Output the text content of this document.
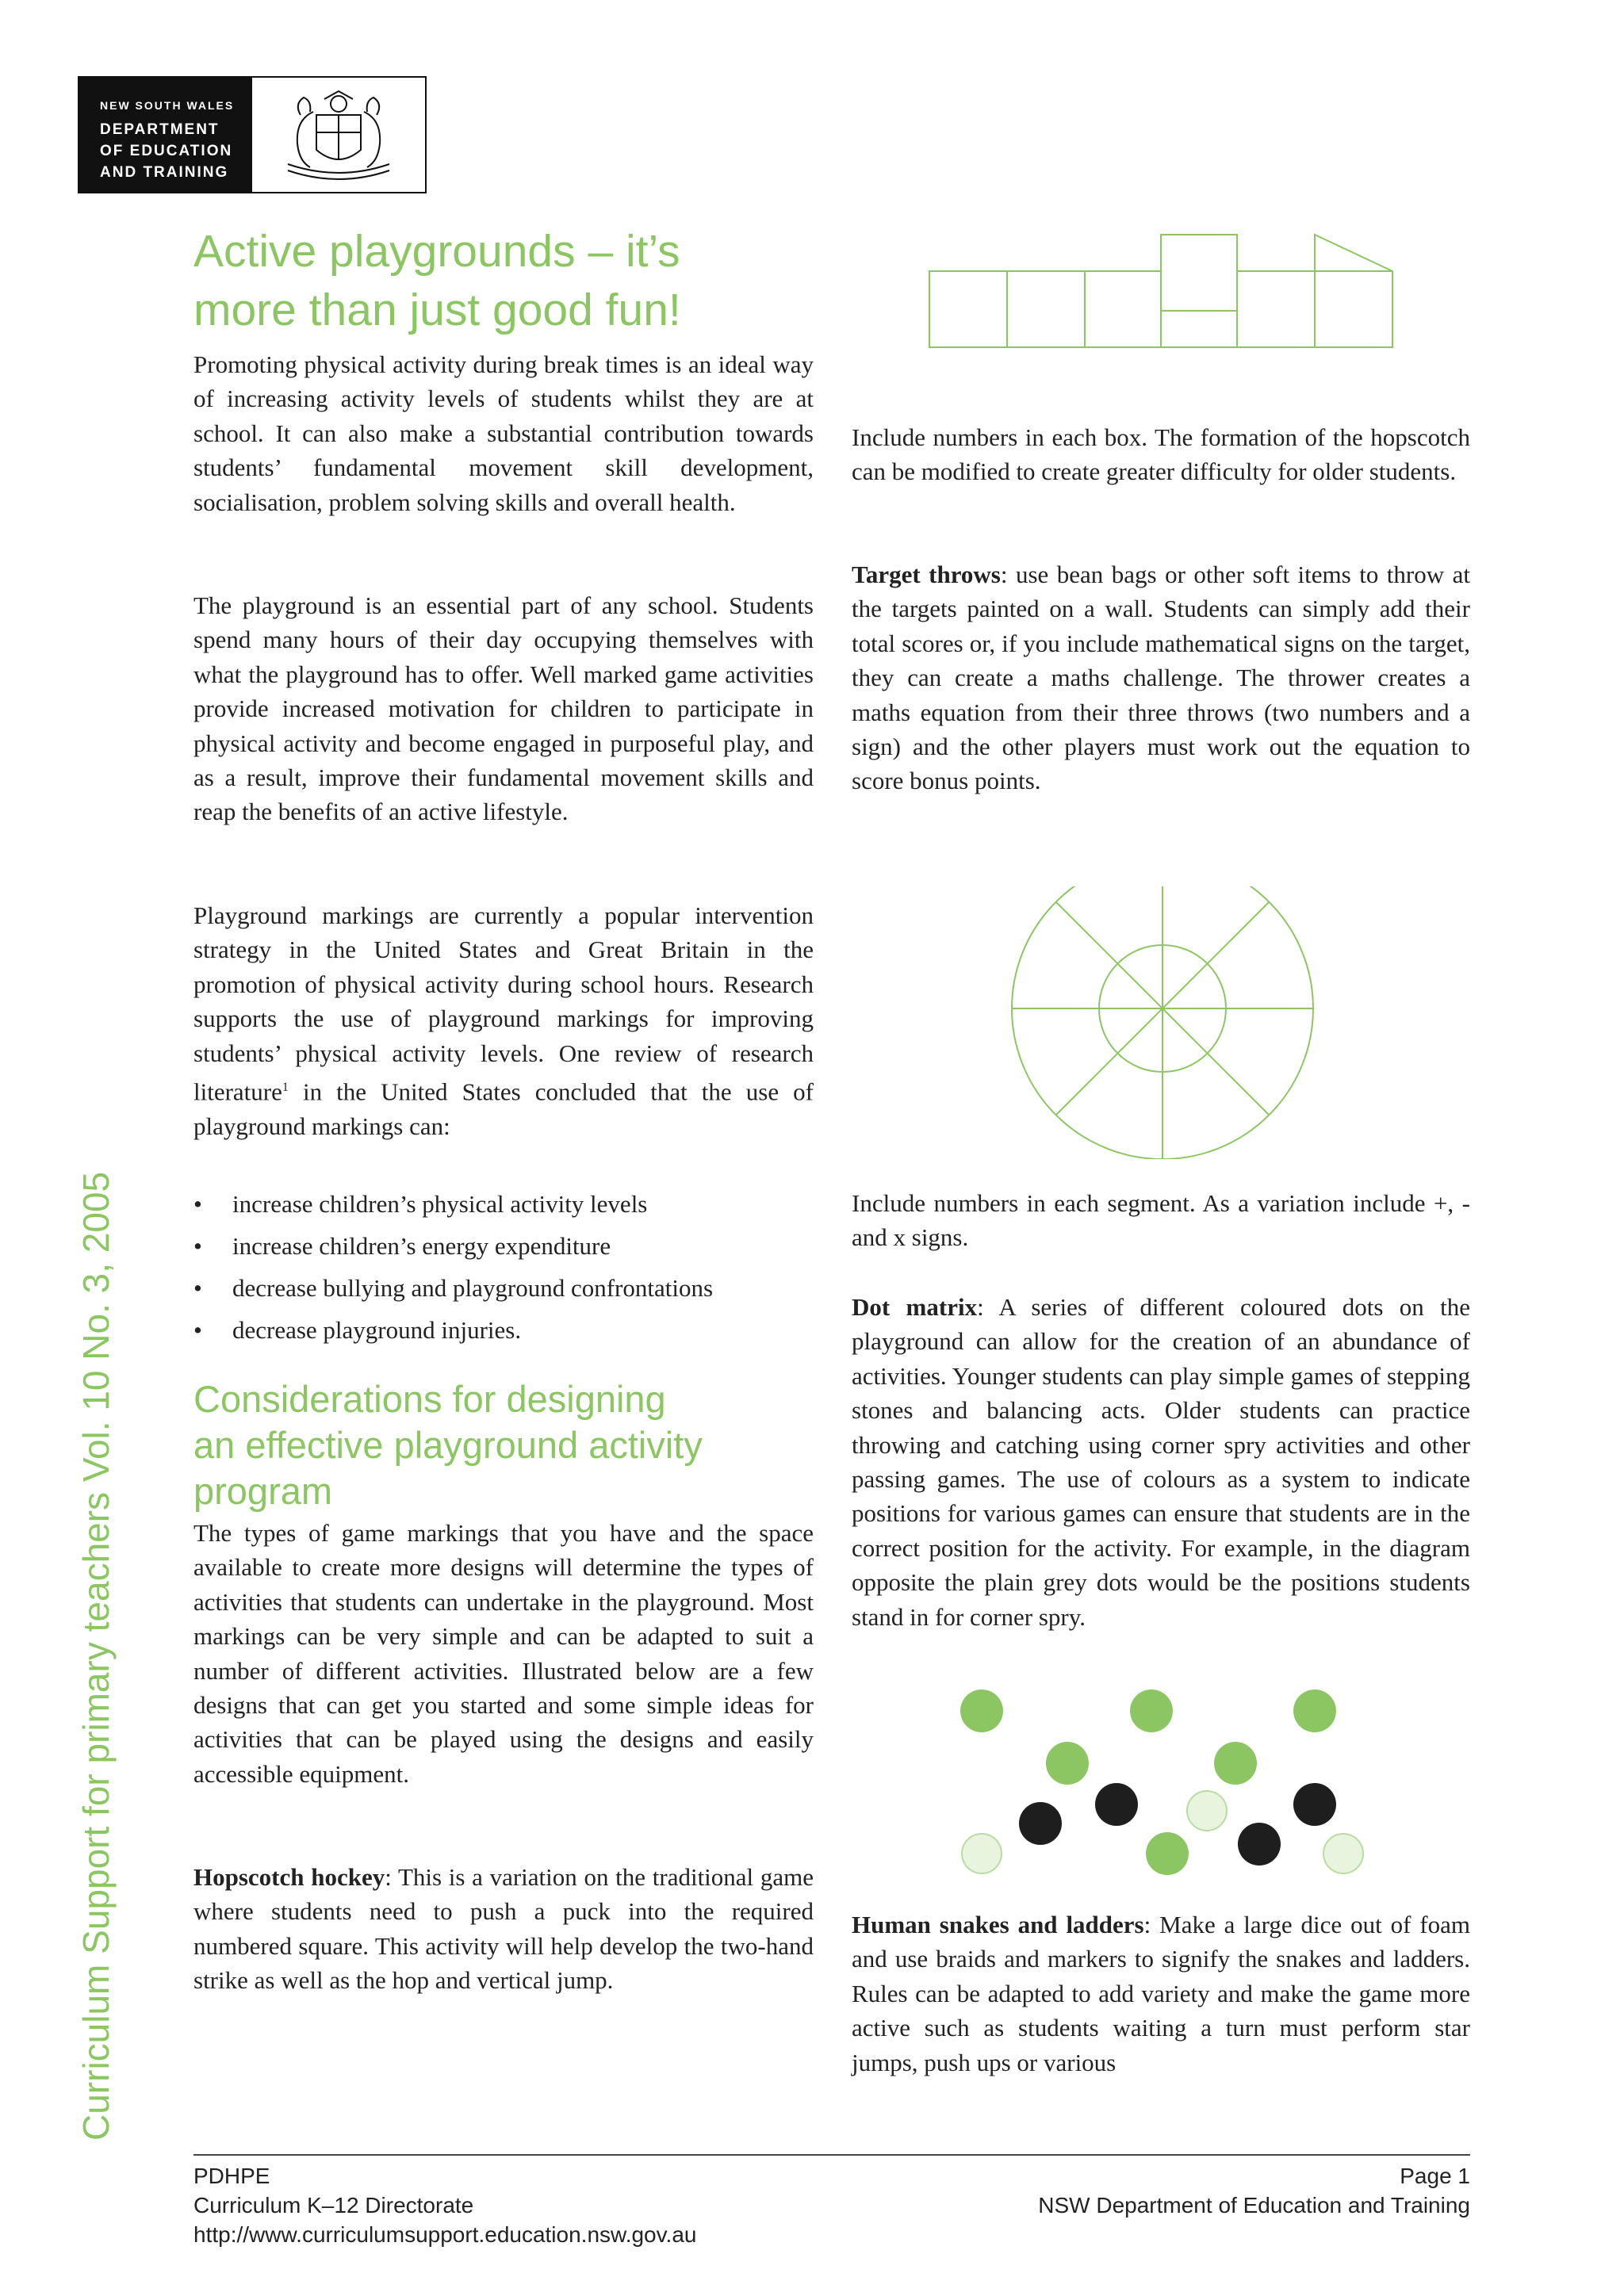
NEW SOUTH WALES
DEPARTMENT
OF EDUCATION
AND TRAINING
Curriculum Support for primary teachers Vol. 10 No. 3, 2005
Active playgrounds – it’s
more than just good fun!

Promoting physical activity during break times is an ideal way of increasing activity levels of students whilst they are at school. It can also make a substantial contribution towards students’ fundamental movement skill development, socialisation, problem solving skills and overall health.

The playground is an essential part of any school. Students spend many hours of their day occupying themselves with what the playground has to offer. Well marked game activities provide increased motivation for children to participate in physical activity and become engaged in purposeful play, and as a result, improve their fundamental movement skills and reap the benefits of an active lifestyle.

Playground markings are currently a popular intervention strategy in the United States and Great Britain in the promotion of physical activity during school hours. Research supports the use of playground markings for improving students’ physical activity levels. One review of research literature$^1$ in the United States concluded that the use of playground markings can:

• increase children’s physical activity levels
• increase children’s energy expenditure
• decrease bullying and playground confrontations
• decrease playground injuries.
Considerations for designing
an effective playground activity
program

The types of game markings that you have and the space available to create more designs will determine the types of activities that students can undertake in the playground. Most markings can be very simple and can be adapted to suit a number of different activities. Illustrated below are a few designs that can get you started and some simple ideas for activities that can be played using the designs and easily accessible equipment.

Hopscotch hockey: This is a variation on the traditional game where students need to push a puck into the required numbered square. This activity will help develop the two-hand strike as well as the hop and vertical jump.

Include numbers in each box. The formation of the hopscotch can be modified to create greater difficulty for older students.

Target throws: use bean bags or other soft items to throw at the targets painted on a wall. Students can simply add their total scores or, if you include mathematical signs on the target, they can create a maths challenge. The thrower creates a maths equation from their three throws (two numbers and a sign) and the other players must work out the equation to score bonus points.

Include numbers in each segment. As a variation include +, - and x signs.

Dot matrix: A series of different coloured dots on the playground can allow for the creation of an abundance of activities. Younger students can play simple games of stepping stones and balancing acts. Older students can practice throwing and catching using corner spry activities and other passing games. The use of colours as a system to indicate positions for various games can ensure that students are in the correct position for the activity. For example, in the diagram opposite the plain grey dots would be the positions students stand in for corner spry.

Human snakes and ladders: Make a large dice out of foam and use braids and markers to signify the snakes and ladders. Rules can be adapted to add variety and make the game more active such as students waiting a turn must perform star jumps, push ups or various

PDHPE
Curriculum K–12 Directorate
http://www.curriculumsupport.education.nsw.gov.au
Page 1
NSW Department of Education and Training
